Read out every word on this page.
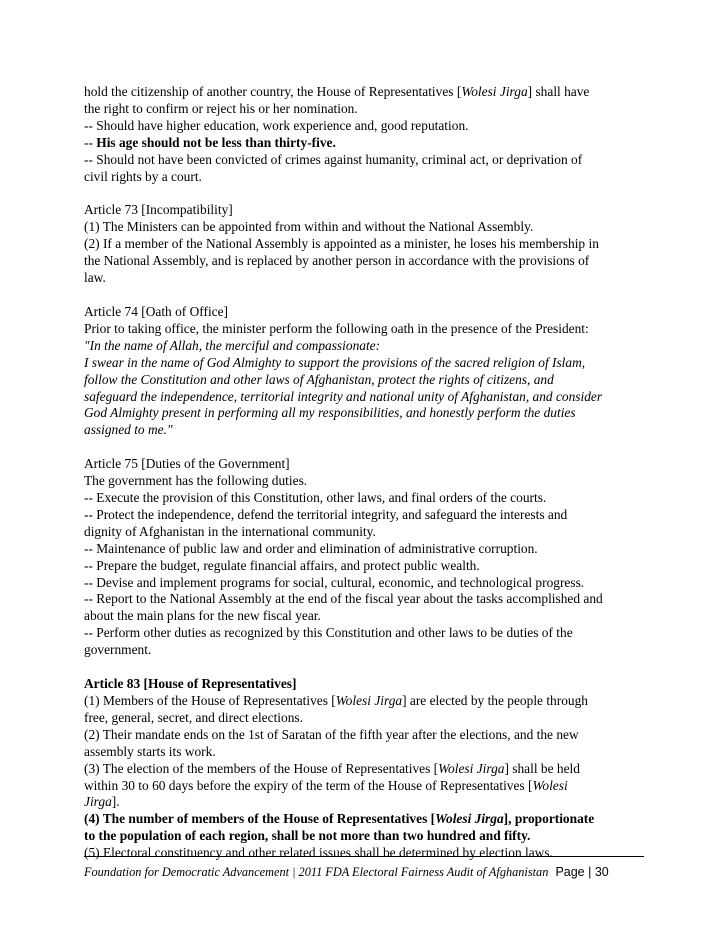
hold the citizenship of another country, the House of Representatives [Wolesi Jirga] shall have

the right to confirm or reject his or her nomination.

-- Should have higher education, work experience and, good reputation.

-- His age should not be less than thirty-five.

-- Should not have been convicted of crimes against humanity, criminal act, or deprivation of

civil rights by a court.

Article 73 [Incompatibility]

(1) The Ministers can be appointed from within and without the National Assembly.

(2) If a member of the National Assembly is appointed as a minister, he loses his membership in

the National Assembly, and is replaced by another person in accordance with the provisions of

law.

Article 74 [Oath of Office]

Prior to taking office, the minister perform the following oath in the presence of the President:

"In the name of Allah, the merciful and compassionate:

I swear in the name of God Almighty to support the provisions of the sacred religion of Islam,

follow the Constitution and other laws of Afghanistan, protect the rights of citizens, and

safeguard the independence, territorial integrity and national unity of Afghanistan, and consider

God Almighty present in performing all my responsibilities, and honestly perform the duties

assigned to me."

Article 75 [Duties of the Government]

The government has the following duties.

-- Execute the provision of this Constitution, other laws, and final orders of the courts.

-- Protect the independence, defend the territorial integrity, and safeguard the interests and

dignity of Afghanistan in the international community.

-- Maintenance of public law and order and elimination of administrative corruption.

-- Prepare the budget, regulate financial affairs, and protect public wealth.

-- Devise and implement programs for social, cultural, economic, and technological progress.

-- Report to the National Assembly at the end of the fiscal year about the tasks accomplished and

about the main plans for the new fiscal year.

-- Perform other duties as recognized by this Constitution and other laws to be duties of the

government.

Article 83 [House of Representatives]

(1) Members of the House of Representatives [Wolesi Jirga] are elected by the people through

free, general, secret, and direct elections.

(2) Their mandate ends on the 1st of Saratan of the fifth year after the elections, and the new

assembly starts its work.

(3) The election of the members of the House of Representatives [Wolesi Jirga] shall be held

within 30 to 60 days before the expiry of the term of the House of Representatives [Wolesi

Jirga].

(4) The number of members of the House of Representatives [Wolesi Jirga], proportionate

to the population of each region, shall be not more than two hundred and fifty.

(5) Electoral constituency and other related issues shall be determined by election laws.

Foundation for Democratic Advancement | 2011 FDA Electoral Fairness Audit of Afghanistan Page | 30
